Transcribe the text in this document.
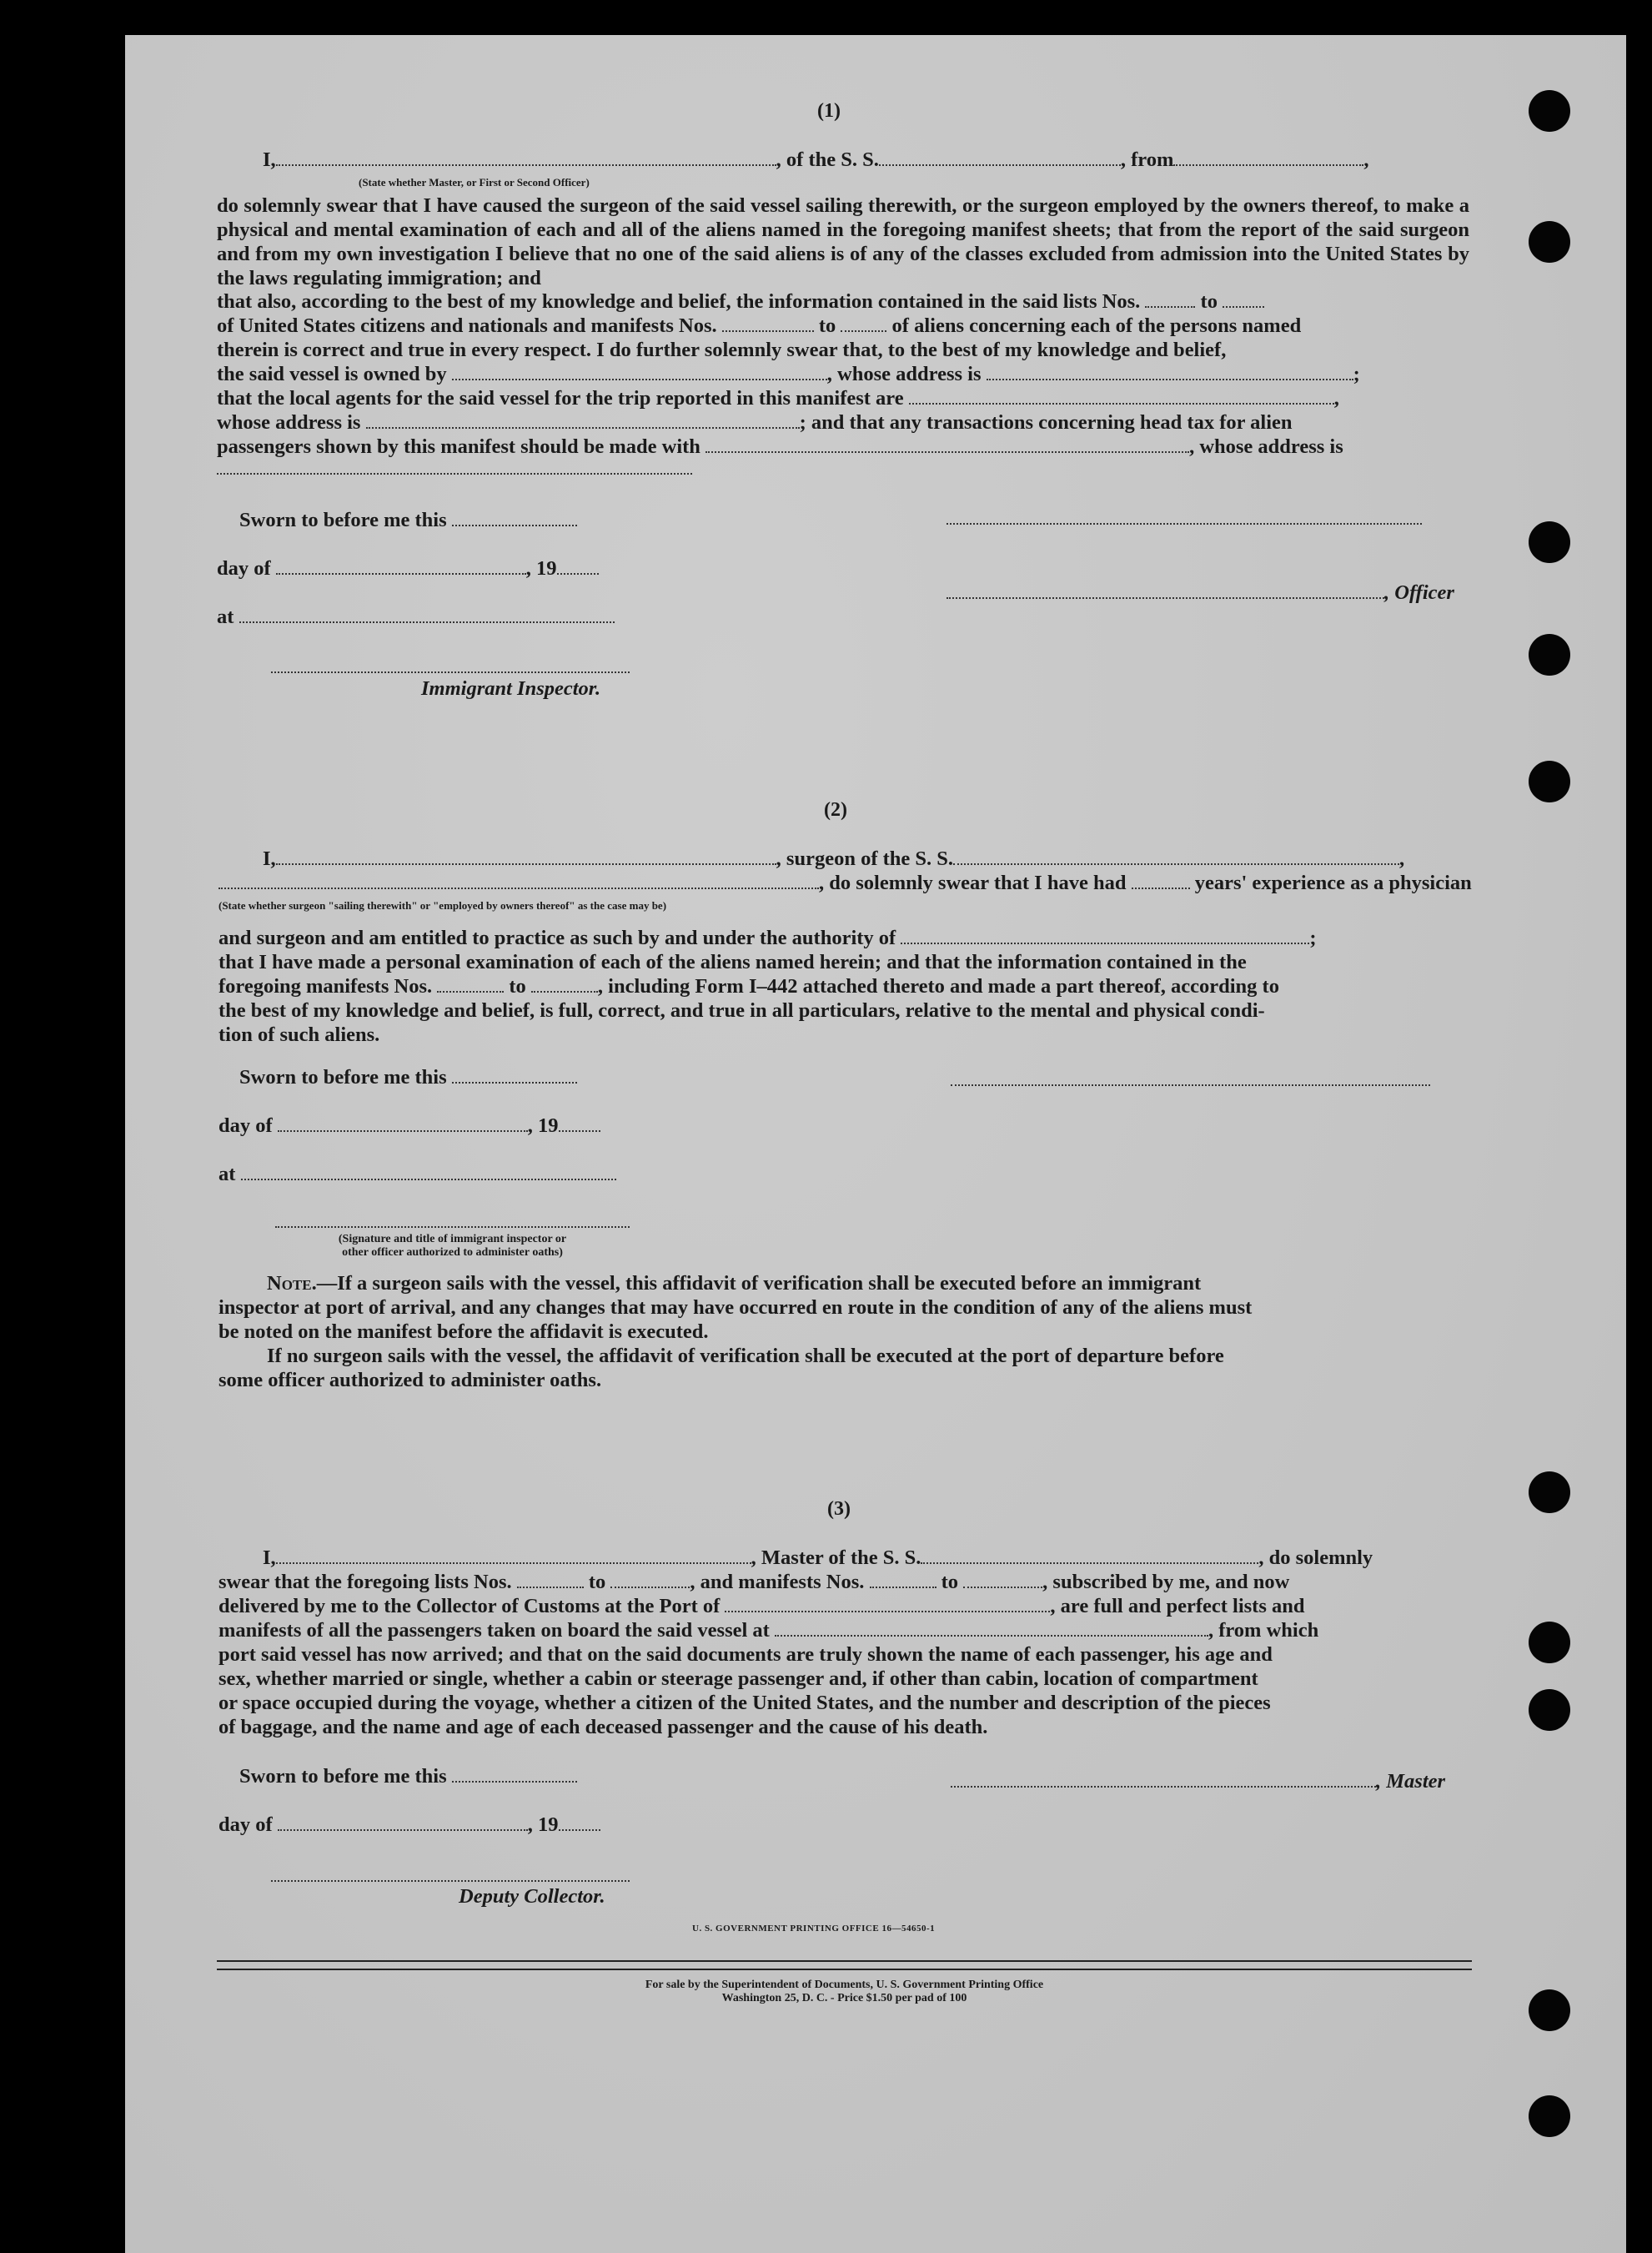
(1)
I,	, of the S. S.	, from	,
(State whether Master, or First or Second Officer)
do solemnly swear that I have caused the surgeon of the said vessel sailing therewith, or the surgeon employed by the owners thereof, to make a physical and mental examination of each and all of the aliens named in the foregoing manifest sheets; that from the report of the said surgeon and from my own investigation I believe that no one of the said aliens is of any of the classes excluded from admission into the United States by the laws regulating immigration; and
that also, according to the best of my knowledge and belief, the information contained in the said lists Nos.	to
of United States citizens and nationals and manifests Nos.	to	of aliens concerning each of the persons named
therein is correct and true in every respect. I do further solemnly swear that, to the best of my knowledge and belief,
the said vessel is owned by	, whose address is	;
that the local agents for the said vessel for the trip reported in this manifest are	,
whose address is	; and that any transactions concerning head tax for alien
passengers shown by this manifest should be made with	, whose address is
Sworn to before me this
day of	, 19
at
Immigrant Inspector.
, Officer
(2)
I,	, surgeon of the S. S.	,
, do solemnly swear that I have had	years' experience as a physician
(State whether surgeon "sailing therewith" or "employed by owners thereof" as the case may be)
and surgeon and am entitled to practice as such by and under the authority of	;
that I have made a personal examination of each of the aliens named herein; and that the information contained in the
foregoing manifests Nos.	to	, including Form I–442 attached thereto and made a part thereof, according to
the best of my knowledge and belief, is full, correct, and true in all particulars, relative to the mental and physical condi-
tion of such aliens.
Sworn to before me this
day of	, 19
at
(Signature and title of immigrant inspector or
other officer authorized to administer oaths)
Note.—If a surgeon sails with the vessel, this affidavit of verification shall be executed before an immigrant
inspector at port of arrival, and any changes that may have occurred en route in the condition of any of the aliens must
be noted on the manifest before the affidavit is executed.
If no surgeon sails with the vessel, the affidavit of verification shall be executed at the port of departure before
some officer authorized to administer oaths.
(3)
I,	, Master of the S. S.	, do solemnly
swear that the foregoing lists Nos.	to	, and manifests Nos.	to	, subscribed by me, and now
delivered by me to the Collector of Customs at the Port of	, are full and perfect lists and
manifests of all the passengers taken on board the said vessel at	, from which
port said vessel has now arrived; and that on the said documents are truly shown the name of each passenger, his age and
sex, whether married or single, whether a cabin or steerage passenger and, if other than cabin, location of compartment
or space occupied during the voyage, whether a citizen of the United States, and the number and description of the pieces
of baggage, and the name and age of each deceased passenger and the cause of his death.
Sworn to before me this	, Master
day of	, 19
Deputy Collector.
U. S. GOVERNMENT PRINTING OFFICE 16—54650-1
For sale by the Superintendent of Documents, U. S. Government Printing Office
Washington 25, D. C. - Price $1.50 per pad of 100
